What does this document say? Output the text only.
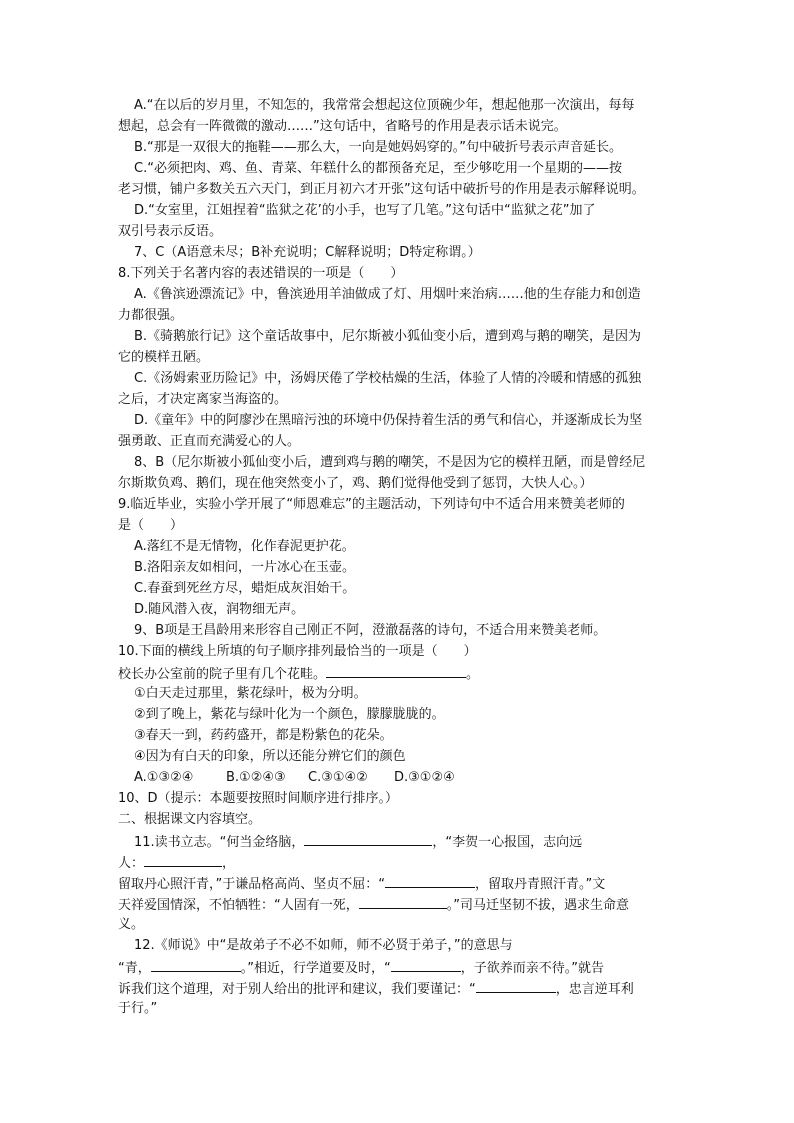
A.“在以后的岁月里，不知怎的，我常常会想起这位顶碗少年，想起他那一次演出，每每
想起，总会有一阵微微的激动……”这句话中，省略号的作用是表示话未说完。
B.“那是一双很大的拖鞋——那么大，一向是她妈妈穿的。”句中破折号表示声音延长。
C.“必须把肉、鸡、鱼、青菜、年糕什么的都预备充足，至少够吃用一个星期的——按
老习惯，铺户多数关五六天门，到正月初六才开张”这句话中破折号的作用是表示解释说明。
D.“女室里，江姐捏着“监狱之花’的小手，也写了几笔。”这句话中“监狱之花”加了
双引号表示反语。
7、C（A语意未尽；B补充说明；C解释说明；D特定称谓。）
8.下列关于名著内容的表述错误的一项是（　　）
A.《鲁滨逊漂流记》中，鲁滨逊用羊油做成了灯、用烟叶来治病……他的生存能力和创造
力都很强。
B.《骑鹅旅行记》这个童话故事中，尼尔斯被小狐仙变小后，遭到鸡与鹅的嘲笑，是因为
它的模样丑陋。
C.《汤姆索亚历险记》中，汤姆厌倦了学校枯燥的生活，体验了人情的冷暖和情感的孤独
之后，才决定离家当海盗的。
D.《童年》中的阿廖沙在黑暗污浊的环境中仍保持着生活的勇气和信心，并逐渐成长为坚
强勇敢、正直而充满爱心的人。
8、B（尼尔斯被小狐仙变小后，遭到鸡与鹅的嘲笑，不是因为它的模样丑陋，而是曾经尼
尔斯欺负鸡、鹅们，现在他突然变小了，鸡、鹅们觉得他受到了惩罚，大快人心。）
9.临近毕业，实验小学开展了“师恩难忘”的主题活动，下列诗句中不适合用来赞美老师的
是（　　）
A.落红不是无情物，化作春泥更护花。
B.洛阳亲友如相问，一片冰心在玉壶。
C.春蚕到死丝方尽，蜡炬成灰泪始干。
D.随风潜入夜，润物细无声。
9、B项是王昌龄用来形容自己刚正不阿，澄澈磊落的诗句，不适合用来赞美老师。
10.下面的横线上所填的句子顺序排列最恰当的一项是（　　）
校长办公室前的院子里有几个花畦。	。
①白天走过那里，紫花绿叶，极为分明。
②到了晚上，紫花与绿叶化为一个颜色，朦朦胧胧的。
③春天一到，药药盛开，都是粉紫色的花朵。
④因为有白天的印象，所以还能分辨它们的颜色
A.①③②④	B.①②④③ C.③①④② D.③①②④
10、D（提示：本题要按照时间顺序进行排序。）
二、根据课文内容填空。
11.读书立志。“何当金络脑，	，“李贺一心报国，志向远
人：	，
留取丹心照汗青，”于谦品格高尚、坚贞不屈：“	，留取丹青照汗青。”文
天祥爱国情深，不怕牺牲：“人固有一死，	。”司马迁坚韧不拔，遇求生命意
义。
12.《师说》中“是故弟子不必不如师，师不必贤于弟子，”的意思与
“青，	。”相近，行学道要及时，“	，子欲养而亲不待。”就告
诉我们这个道理，对于别人给出的批评和建议，我们要谨记：“	，忠言逆耳利
于行。”
